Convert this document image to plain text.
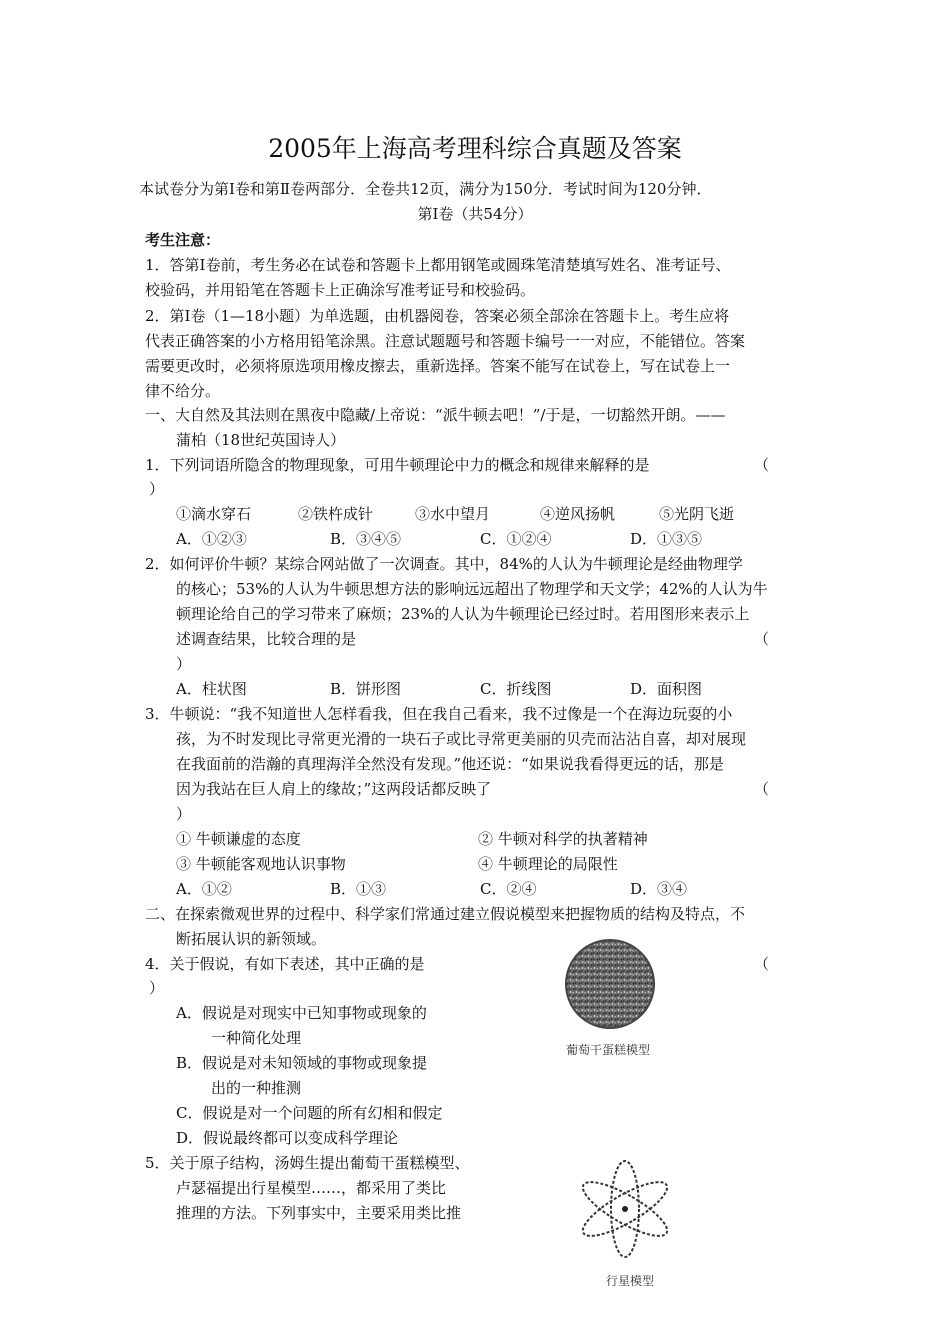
2005年上海高考理科综合真题及答案
本试卷分为第Ⅰ卷和第Ⅱ卷两部分．全卷共12页，满分为150分．考试时间为120分钟．
第Ⅰ卷（共54分）
考生注意：
1．答第Ⅰ卷前，考生务必在试卷和答题卡上都用钢笔或圆珠笔清楚填写姓名、准考证号、
校验码，并用铅笔在答题卡上正确涂写准考证号和校验码。
2．第Ⅰ卷（1—18小题）为单选题，由机器阅卷，答案必须全部涂在答题卡上。考生应将
代表正确答案的小方格用铅笔涂黑。注意试题题号和答题卡编号一一对应，不能错位。答案
需要更改时，必须将原选项用橡皮擦去，重新选择。答案不能写在试卷上，写在试卷上一
律不给分。
一、大自然及其法则在黑夜中隐藏/上帝说：“派牛顿去吧！”/于是，一切豁然开朗。——
蒲柏（18世纪英国诗人）
1．下列词语所隐含的物理现象，可用牛顿理论中力的概念和规律来解释的是	（
）
①滴水穿石	②铁杵成针	③水中望月	④逆风扬帆	⑤光阴飞逝
A．①②③	B．③④⑤	C．①②④	D．①③⑤
2．如何评价牛顿？某综合网站做了一次调查。其中，84%的人认为牛顿理论是经曲物理学
的核心；53%的人认为牛顿思想方法的影响远远超出了物理学和天文学；42%的人认为牛
顿理论给自己的学习带来了麻烦；23%的人认为牛顿理论已经过时。若用图形来表示上
述调查结果，比较合理的是	（
）
A．柱状图	B．饼形图	C．折线图	D．面积图
3．牛顿说：“我不知道世人怎样看我，但在我自己看来，我不过像是一个在海边玩耍的小
孩，为不时发现比寻常更光滑的一块石子或比寻常更美丽的贝壳而沾沾自喜，却对展现
在我面前的浩瀚的真理海洋全然没有发现。”他还说：“如果说我看得更远的话，那是
因为我站在巨人肩上的缘故；”这两段话都反映了	（
）
① 牛顿谦虚的态度	② 牛顿对科学的执著精神
③ 牛顿能客观地认识事物	④ 牛顿理论的局限性
A．①②	B．①③	C．②④	D．③④
二、在探索微观世界的过程中、科学家们常通过建立假说模型来把握物质的结构及特点，不
断拓展认识的新领域。
4．关于假说，有如下表述，其中正确的是	（
）
A．假说是对现实中已知事物或现象的
一种简化处理
B．假说是对未知领域的事物或现象提
出的一种推测
C．假说是对一个问题的所有幻相和假定
D．假说最终都可以变成科学理论
5．关于原子结构，汤姆生提出葡萄干蛋糕模型、
卢瑟福提出行星模型……，都采用了类比
推理的方法。下列事实中，主要采用类比推
葡萄干蛋糕模型
行星模型
